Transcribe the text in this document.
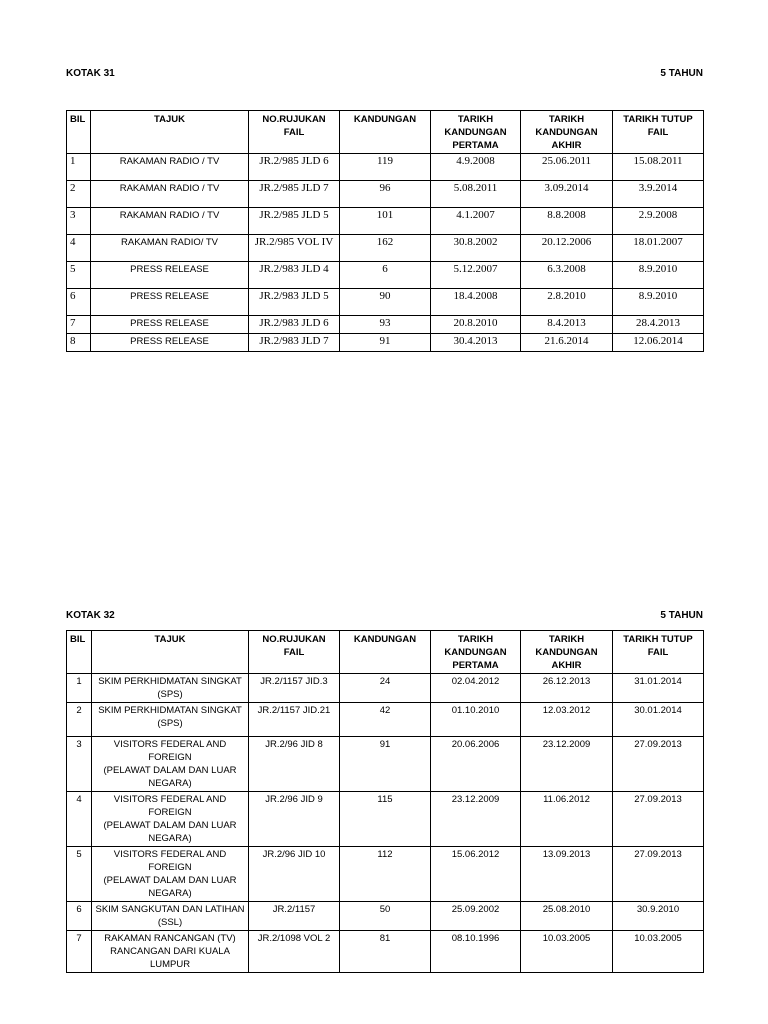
KOTAK 31	5 TAHUN
BIL	TAJUK	NO.RUJUKAN FAIL	KANDUNGAN	TARIKH KANDUNGAN PERTAMA	TARIKH KANDUNGAN AKHIR	TARIKH TUTUP FAIL
1	RAKAMAN RADIO / TV	JR.2/985 JLD 6	119	4.9.2008	25.06.2011	15.08.2011
2	RAKAMAN RADIO / TV	JR.2/985 JLD 7	96	5.08.2011	3.09.2014	3.9.2014
3	RAKAMAN RADIO / TV	JR.2/985 JLD 5	101	4.1.2007	8.8.2008	2.9.2008
4	RAKAMAN RADIO/ TV	JR.2/985 VOL IV	162	30.8.2002	20.12.2006	18.01.2007
5	PRESS RELEASE	JR.2/983 JLD 4	6	5.12.2007	6.3.2008	8.9.2010
6	PRESS RELEASE	JR.2/983 JLD 5	90	18.4.2008	2.8.2010	8.9.2010
7	PRESS RELEASE	JR.2/983 JLD 6	93	20.8.2010	8.4.2013	28.4.2013
8	PRESS RELEASE	JR.2/983 JLD 7	91	30.4.2013	21.6.2014	12.06.2014
KOTAK 32	5 TAHUN
BIL	TAJUK	NO.RUJUKAN FAIL	KANDUNGAN	TARIKH KANDUNGAN PERTAMA	TARIKH KANDUNGAN AKHIR	TARIKH TUTUP FAIL
1	SKIM PERKHIDMATAN SINGKAT (SPS)	JR.2/1157 JID.3	24	02.04.2012	26.12.2013	31.01.2014
2	SKIM PERKHIDMATAN SINGKAT (SPS)	JR.2/1157 JID.21	42	01.10.2010	12.03.2012	30.01.2014
3	VISITORS FEDERAL AND FOREIGN
(PELAWAT DALAM DAN LUAR NEGARA)	JR.2/96 JID 8	91	20.06.2006	23.12.2009	27.09.2013
4	VISITORS FEDERAL AND FOREIGN
(PELAWAT DALAM DAN LUAR NEGARA)	JR.2/96 JID 9	115	23.12.2009	11.06.2012	27.09.2013
5	VISITORS FEDERAL AND FOREIGN
(PELAWAT DALAM DAN LUAR NEGARA)	JR.2/96 JID 10	112	15.06.2012	13.09.2013	27.09.2013
6	SKIM SANGKUTAN DAN LATIHAN (SSL)	JR.2/1157	50	25.09.2002	25.08.2010	30.9.2010
7	RAKAMAN RANCANGAN (TV) RANCANGAN DARI KUALA LUMPUR	JR.2/1098 VOL 2	81	08.10.1996	10.03.2005	10.03.2005
